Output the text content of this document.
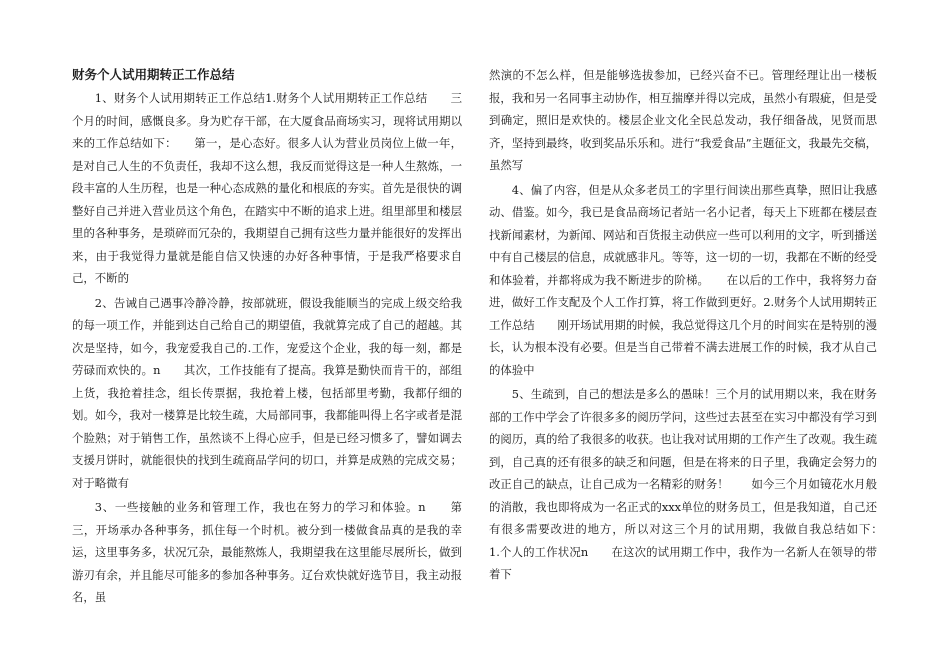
财务个人试用期转正工作总结

1、财务个人试用期转正工作总结1.财务个人试用期转正工作总结　　三个月的时间，感慨良多。身为贮存干部，在大厦食品商场实习，现将试用期以来的工作总结如下：　　第一，是心态好。很多人认为营业员岗位上做一年，是对自己人生的不负责任，我却不这么想，我反而觉得这是一种人生熬炼，一段丰富的人生历程，也是一种心态成熟的量化和根底的夯实。首先是很快的调整好自己并进入营业员这个角色，在踏实中不断的追求上进。组里部里和楼层里的各种事务，是琐碎而冗杂的，我期望自己拥有这些力量并能很好的发挥出来，由于我觉得力量就是能自信又快速的办好各种事情，于是我严格要求自己，不断的

2、告诫自己遇事冷静冷静，按部就班，假设我能顺当的完成上级交给我的每一项工作，并能到达自己给自己的期望值，我就算完成了自己的超越。其次是坚持，如今，我宠爱我自己的.工作，宠爱这个企业，我的每一刻，都是劳碌而欢快的。n　　其次，工作技能有了提高。我算是勤快而肯干的，部组上货，我抢着挂念，组长传票据，我抢着上楼，包括部里考勤，我都仔细的划。如今，我对一楼算是比较生疏，大局部同事，我都能叫得上名字或者是混个脸熟；对于销售工作，虽然谈不上得心应手，但是已经习惯多了，譬如调去支援月饼时，就能很快的找到生疏商品学问的切口，并算是成熟的完成交易；对于略微有

3、一些接触的业务和管理工作，我也在努力的学习和体验。n　　第三，开场承办各种事务，抓住每一个时机。被分到一楼做食品真的是我的幸运，这里事务多，状况冗杂，最能熬炼人，我期望我在这里能尽展所长，做到游刃有余，并且能尽可能多的参加各种事务。辽台欢快就好选节目，我主动报名，虽

然演的不怎么样，但是能够选拔参加，已经兴奋不已。管理经理让出一楼板报，我和另一名同事主动协作，相互揣摩并得以完成，虽然小有瑕疵，但是受到确定，照旧是欢快的。楼层企业文化全民总发动，我仔细备战，见贤而思齐，坚持到最终，收到奖品乐乐和。进行“我爱食品”主题征文，我最先交稿，虽然写

4、偏了内容，但是从众多老员工的字里行间读出那些真挚，照旧让我感动、借鉴。如今，我已是食品商场记者站一名小记者，每天上下班都在楼层查找新闻素材，为新闻、网站和百货报主动供应一些可以利用的文字，听到播送中有自己楼层的信息，成就感非凡。等等，这一切的一切，我都在不断的经受和体验着，并都将成为我不断进步的阶梯。　　在以后的工作中，我将努力奋进，做好工作支配及个人工作打算，将工作做到更好。2.财务个人试用期转正工作总结　　刚开场试用期的时候，我总觉得这几个月的时间实在是特别的漫长，认为根本没有必要。但是当自己带着不满去进展工作的时候，我才从自己的体验中

5、生疏到，自己的想法是多么的愚昧！三个月的试用期以来，我在财务部的工作中学会了许很多多的阅历学问，这些过去甚至在实习中都没有学习到的阅历，真的给了我很多的收获。也让我对试用期的工作产生了改观。我生疏到，自己真的还有很多的缺乏和问题，但是在将来的日子里，我确定会努力的改正自己的缺点，让自己成为一名精彩的财务！　　如今三个月如镜花水月般的消散，我也即将成为一名正式的xxx单位的财务员工，但是我知道，自己还有很多需要改进的地方，所以对这三个月的试用期，我做自我总结如下：　　1.个人的工作状况n　　在这次的试用期工作中，我作为一名新人在领导的带着下
